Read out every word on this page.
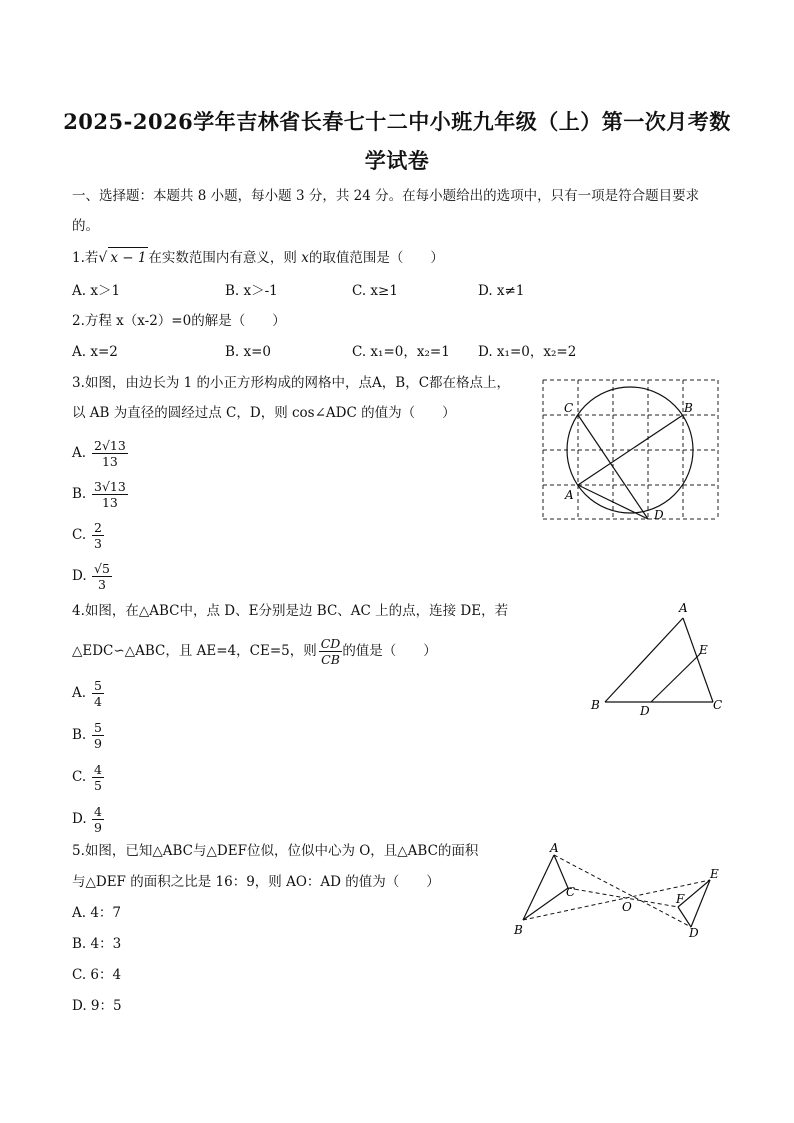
2025-2026学年吉林省长春七十二中小班九年级（上）第一次月考数
学试卷
一、选择题：本题共 8 小题，每小题 3 分，共 24 分。在每小题给出的选项中，只有一项是符合题目要求
的。
1.若√ x − 1 在实数范围内有意义，则 x的取值范围是（　　）
A. x＞1	B. x＞-1	C. x≥1	D. x≠1
2.方程 x（x-2）=0的解是（　　）
A. x=2	B. x=0	C. x₁=0，x₂=1 D. x₁=0，x₂=2
3.如图，由边长为 1 的小正方形构成的网格中，点A，B，C都在格点上，
以 AB 为直径的圆经过点 C，D，则 cos∠ADC 的值为（　　）
A. $\frac{2√13}{13}$
B. $\frac{3√13}{13}$
C. $\frac{2}{3}$
D. $\frac{√5}{3}$
C	B
A
D
4.如图，在△ABC中，点 D、E分别是边 BC、AC 上的点，连接 DE，若
△EDC∽△ABC，且 AE=4，CE=5，则 $\frac{CD}{CB}$ 的值是（　　）
A. $\frac{5}{4}$
B. $\frac{5}{9}$
C. $\frac{4}{5}$
D. $\frac{4}{9}$
A
B	C
D
E
5.如图，已知△ABC与△DEF位似，位似中心为 O，且△ABC的面积
与△DEF 的面积之比是 16：9，则 AO：AD 的值为（　　）
A. 4：7
B. 4：3
C. 6：4
D. 9：5
A
B
C
D
E
F
O
